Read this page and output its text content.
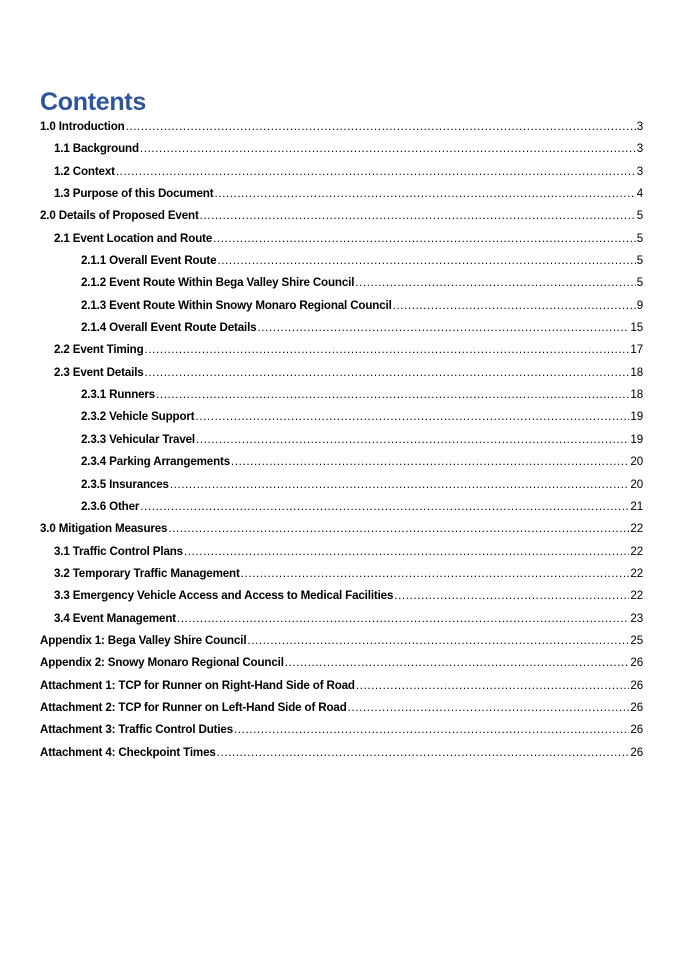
Contents
1.0 Introduction .....	3
1.1 Background .....	3
1.2 Context .....	3
1.3 Purpose of this Document .....	4
2.0 Details of Proposed Event .....	5
2.1 Event Location and Route .....	5
2.1.1 Overall Event Route .....	5
2.1.2 Event Route Within Bega Valley Shire Council .....	5
2.1.3 Event Route Within Snowy Monaro Regional Council .....	9
2.1.4 Overall Event Route Details .....	15
2.2 Event Timing .....	17
2.3 Event Details .....	18
2.3.1 Runners .....	18
2.3.2 Vehicle Support .....	19
2.3.3 Vehicular Travel .....	19
2.3.4 Parking Arrangements .....	20
2.3.5 Insurances .....	20
2.3.6 Other .....	21
3.0 Mitigation Measures .....	22
3.1 Traffic Control Plans .....	22
3.2 Temporary Traffic Management .....	22
3.3 Emergency Vehicle Access and Access to Medical Facilities .....	22
3.4 Event Management .....	23
Appendix 1: Bega Valley Shire Council .....	25
Appendix 2: Snowy Monaro Regional Council .....	26
Attachment 1: TCP for Runner on Right-Hand Side of Road .....	26
Attachment 2: TCP for Runner on Left-Hand Side of Road .....	26
Attachment 3: Traffic Control Duties .....	26
Attachment 4: Checkpoint Times .....	26
